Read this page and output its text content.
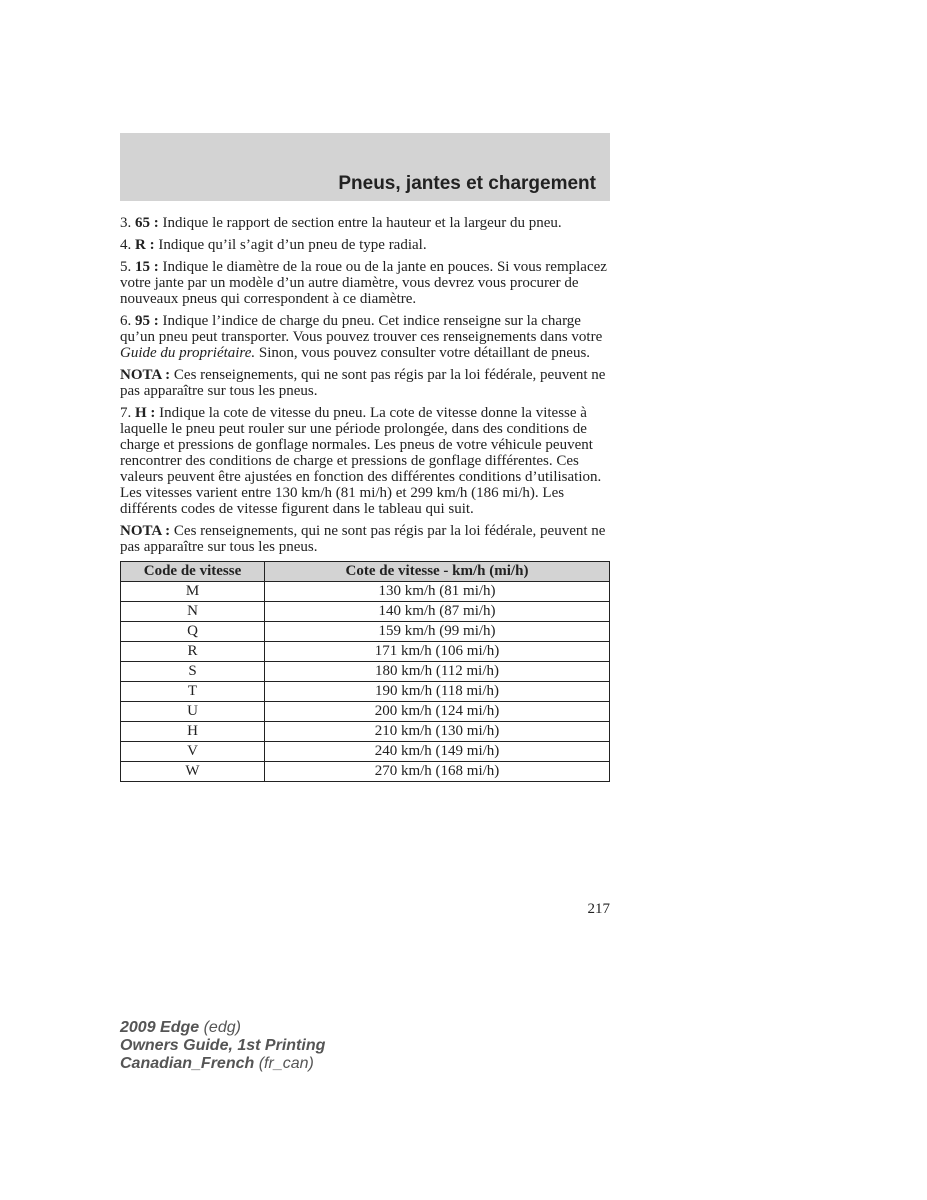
Pneus, jantes et chargement

3. 65 : Indique le rapport de section entre la hauteur et la largeur du pneu.

4. R : Indique qu’il s’agit d’un pneu de type radial.

5. 15 : Indique le diamètre de la roue ou de la jante en pouces. Si vous remplacez votre jante par un modèle d’un autre diamètre, vous devrez vous procurer de nouveaux pneus qui correspondent à ce diamètre.

6. 95 : Indique l’indice de charge du pneu. Cet indice renseigne sur la charge qu’un pneu peut transporter. Vous pouvez trouver ces renseignements dans votre Guide du propriétaire. Sinon, vous pouvez consulter votre détaillant de pneus.

NOTA : Ces renseignements, qui ne sont pas régis par la loi fédérale, peuvent ne pas apparaître sur tous les pneus.

7. H : Indique la cote de vitesse du pneu. La cote de vitesse donne la vitesse à laquelle le pneu peut rouler sur une période prolongée, dans des conditions de charge et pressions de gonflage normales. Les pneus de votre véhicule peuvent rencontrer des conditions de charge et pressions de gonflage différentes. Ces valeurs peuvent être ajustées en fonction des différentes conditions d’utilisation. Les vitesses varient entre 130 km/h (81 mi/h) et 299 km/h (186 mi/h). Les différents codes de vitesse figurent dans le tableau qui suit.

NOTA : Ces renseignements, qui ne sont pas régis par la loi fédérale, peuvent ne pas apparaître sur tous les pneus.

Code de vitesse	Cote de vitesse - km/h (mi/h)
M	130 km/h (81 mi/h)
N	140 km/h (87 mi/h)
Q	159 km/h (99 mi/h)
R	171 km/h (106 mi/h)
S	180 km/h (112 mi/h)
T	190 km/h (118 mi/h)
U	200 km/h (124 mi/h)
H	210 km/h (130 mi/h)
V	240 km/h (149 mi/h)
W	270 km/h (168 mi/h)
217
2009 Edge (edg)
Owners Guide, 1st Printing
Canadian_French (fr_can)
